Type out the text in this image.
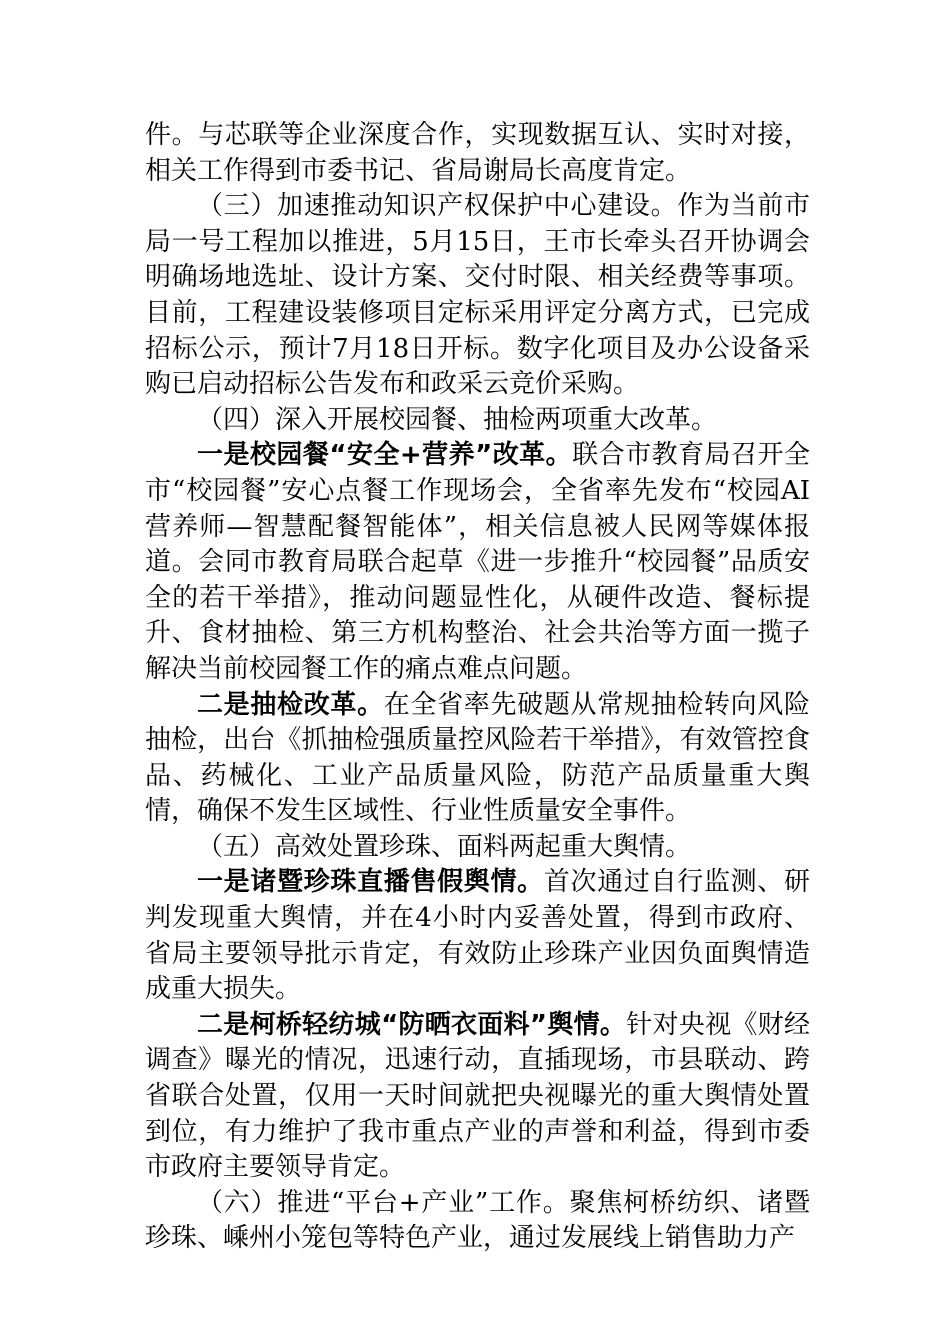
件。与芯联等企业深度合作，实现数据互认、实时对接，相关工作得到市委书记、省局谢局长高度肯定。

（三）加速推动知识产权保护中心建设。作为当前市局一号工程加以推进，5月15日，王市长牵头召开协调会明确场地选址、设计方案、交付时限、相关经费等事项。目前，工程建设装修项目定标采用评定分离方式，已完成招标公示，预计7月18日开标。数字化项目及办公设备采购已启动招标公告发布和政采云竞价采购。

（四）深入开展校园餐、抽检两项重大改革。

一是校园餐“安全+营养”改革。联合市教育局召开全市“校园餐”安心点餐工作现场会，全省率先发布“校园AI营养师—智慧配餐智能体”，相关信息被人民网等媒体报道。会同市教育局联合起草《进一步推升“校园餐”品质安全的若干举措》，推动问题显性化，从硬件改造、餐标提升、食材抽检、第三方机构整治、社会共治等方面一揽子解决当前校园餐工作的痛点难点问题。

二是抽检改革。在全省率先破题从常规抽检转向风险抽检，出台《抓抽检强质量控风险若干举措》，有效管控食品、药械化、工业产品质量风险，防范产品质量重大舆情，确保不发生区域性、行业性质量安全事件。

（五）高效处置珍珠、面料两起重大舆情。

一是诸暨珍珠直播售假舆情。首次通过自行监测、研判发现重大舆情，并在4小时内妥善处置，得到市政府、省局主要领导批示肯定，有效防止珍珠产业因负面舆情造成重大损失。

二是柯桥轻纺城“防晒衣面料”舆情。针对央视《财经调查》曝光的情况，迅速行动，直插现场，市县联动、跨省联合处置，仅用一天时间就把央视曝光的重大舆情处置到位，有力维护了我市重点产业的声誉和利益，得到市委市政府主要领导肯定。

（六）推进“平台+产业”工作。聚焦柯桥纺织、诸暨珍珠、嵊州小笼包等特色产业，通过发展线上销售助力产
